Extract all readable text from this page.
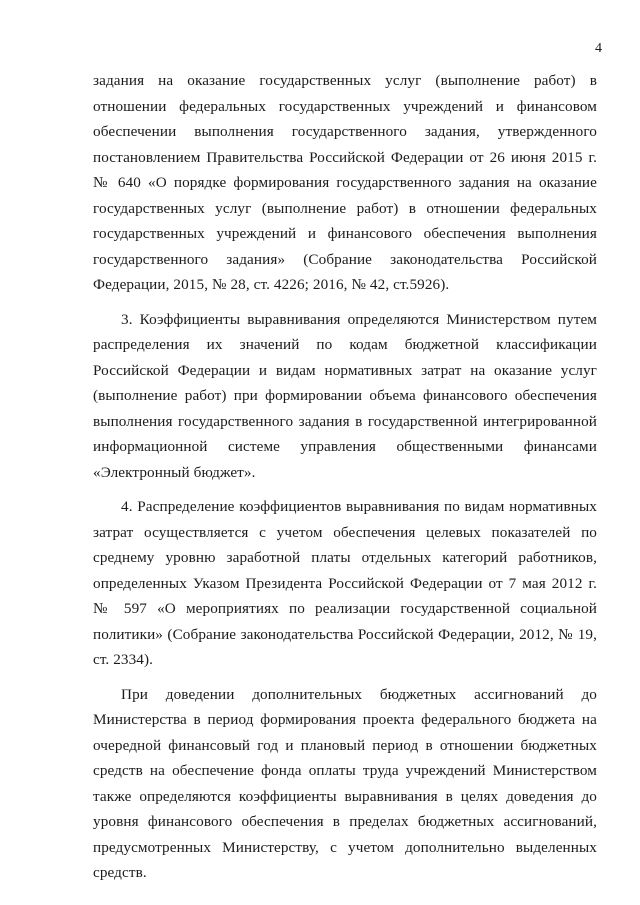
4

задания на оказание государственных услуг (выполнение работ) в отношении федеральных государственных учреждений и финансовом обеспечении выполнения государственного задания, утвержденного постановлением Правительства Российской Федерации от 26 июня 2015 г. № 640 «О порядке формирования государственного задания на оказание государственных услуг (выполнение работ) в отношении федеральных государственных учреждений и финансового обеспечения выполнения государственного задания» (Собрание законодательства Российской Федерации, 2015, № 28, ст. 4226; 2016, № 42, ст.5926).

3. Коэффициенты выравнивания определяются Министерством путем распределения их значений по кодам бюджетной классификации Российской Федерации и видам нормативных затрат на оказание услуг (выполнение работ) при формировании объема финансового обеспечения выполнения государственного задания в государственной интегрированной информационной системе управления общественными финансами «Электронный бюджет».

4. Распределение коэффициентов выравнивания по видам нормативных затрат осуществляется с учетом обеспечения целевых показателей по среднему уровню заработной платы отдельных категорий работников, определенных Указом Президента Российской Федерации от 7 мая 2012 г. № 597 «О мероприятиях по реализации государственной социальной политики» (Собрание законодательства Российской Федерации, 2012, № 19, ст. 2334).

При доведении дополнительных бюджетных ассигнований до Министерства в период формирования проекта федерального бюджета на очередной финансовый год и плановый период в отношении бюджетных средств на обеспечение фонда оплаты труда учреждений Министерством также определяются коэффициенты выравнивания в целях доведения до уровня финансового обеспечения в пределах бюджетных ассигнований, предусмотренных Министерству, с учетом дополнительно выделенных средств.
